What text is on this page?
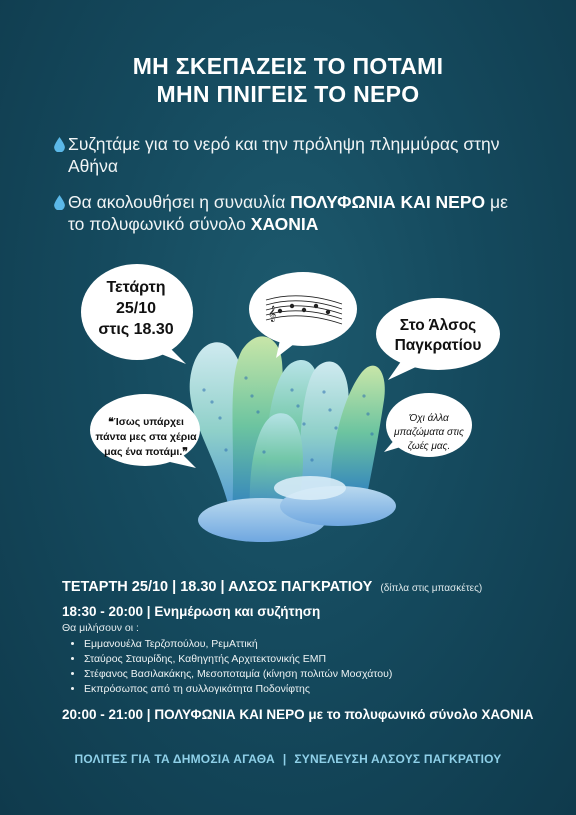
ΜΗ ΣΚΕΠΑΖΕΙΣ ΤΟ ΠΟΤΑΜΙ
ΜΗΝ ΠΝΙΓΕΙΣ ΤΟ ΝΕΡΟ
Συζητάμε για το νερό και την πρόληψη πλημμύρας στην Αθήνα
Θα ακολουθήσει η συναυλία ΠΟΛΥΦΩΝΙΑ ΚΑΙ ΝΕΡΟ με το πολυφωνικό σύνολο ΧΑΟΝΙΑ
𝄞
Τετάρτη
25/10
στις 18.30	Στο Άλσος
Παγκρατίου
❝Ίσως υπάρχει πάντα μες στα χέρια μας ένα ποτάμι.❞
Όχι άλλα μπαζώματα στις ζωές μας.
ΤΕΤΑΡΤΗ 25/10 | 18.30 | ΑΛΣΟΣ ΠΑΓΚΡΑΤΙΟΥ (δίπλα στις μπασκέτες)
18:30 - 20:00 | Ενημέρωση και συζήτηση
Θα μιλήσουν οι :
• Εμμανουέλα Τερζοπούλου, ΡεμΑττική
• Σταύρος Σταυρίδης, Καθηγητής Αρχιτεκτονικής ΕΜΠ
• Στέφανος Βασιλακάκης, Μεσοποταμία (κίνηση πολιτών Μοσχάτου)
• Εκπρόσωπος από τη συλλογικότητα Ποδονίφτης
20:00 - 21:00 | ΠΟΛΥΦΩΝΙΑ ΚΑΙ ΝΕΡΟ με το πολυφωνικό σύνολο ΧΑΟΝΙΑ
ΠΟΛΙΤΕΣ ΓΙΑ ΤΑ ΔΗΜΟΣΙΑ ΑΓΑΘΑ | ΣΥΝΕΛΕΥΣΗ ΑΛΣΟΥΣ ΠΑΓΚΡΑΤΙΟΥ
